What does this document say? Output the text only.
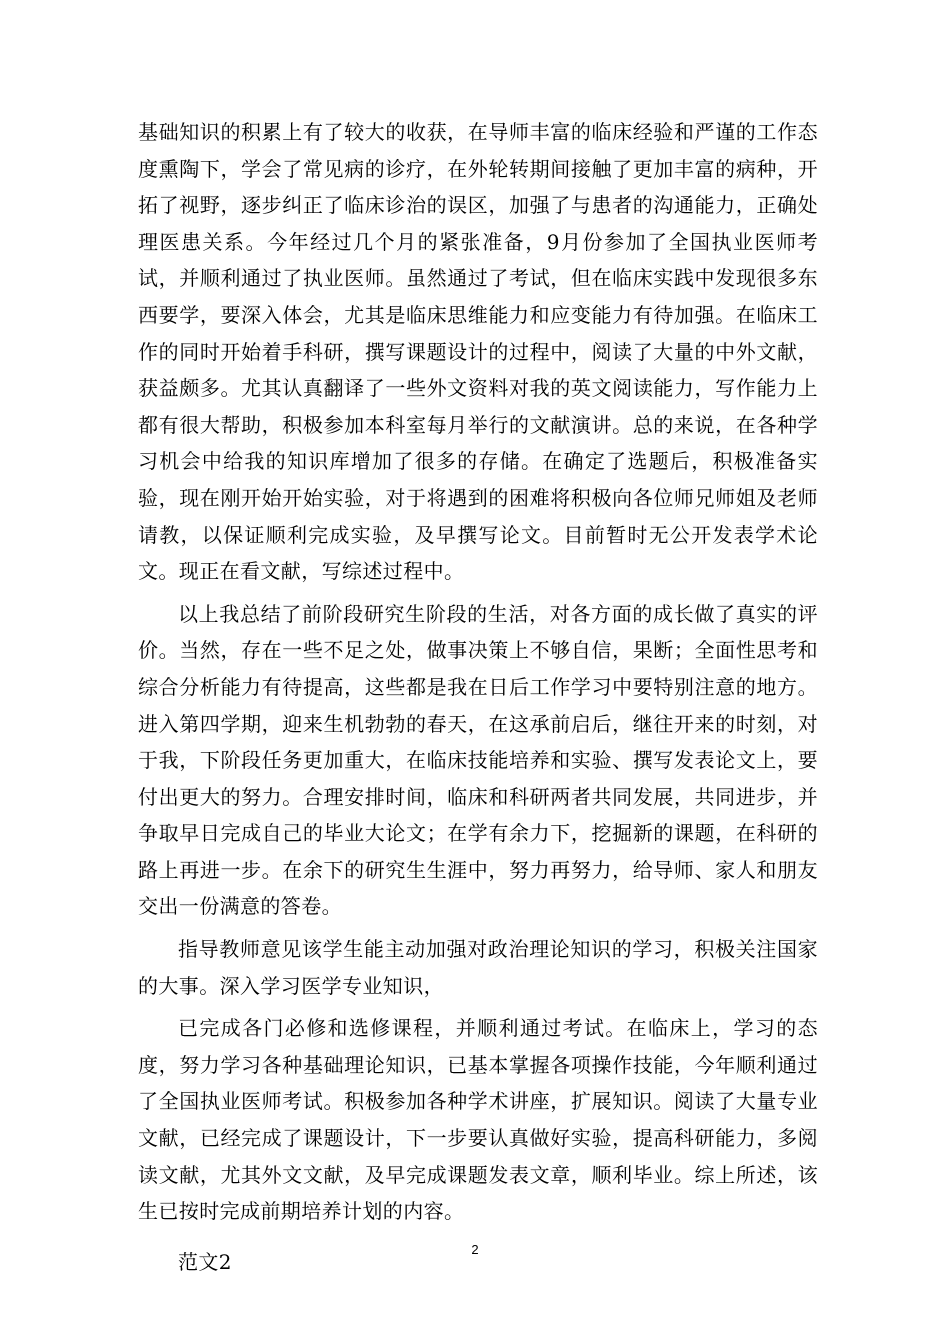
基础知识的积累上有了较大的收获，在导师丰富的临床经验和严谨的工作态度熏陶下，学会了常见病的诊疗，在外轮转期间接触了更加丰富的病种，开拓了视野，逐步纠正了临床诊治的误区，加强了与患者的沟通能力，正确处理医患关系。今年经过几个月的紧张准备，9月份参加了全国执业医师考试，并顺利通过了执业医师。虽然通过了考试，但在临床实践中发现很多东西要学，要深入体会，尤其是临床思维能力和应变能力有待加强。在临床工作的同时开始着手科研，撰写课题设计的过程中，阅读了大量的中外文献，获益颇多。尤其认真翻译了一些外文资料对我的英文阅读能力，写作能力上都有很大帮助，积极参加本科室每月举行的文献演讲。总的来说，在各种学习机会中给我的知识库增加了很多的存储。在确定了选题后，积极准备实验，现在刚开始开始实验，对于将遇到的困难将积极向各位师兄师姐及老师请教，以保证顺利完成实验，及早撰写论文。目前暂时无公开发表学术论文。现正在看文献，写综述过程中。

以上我总结了前阶段研究生阶段的生活，对各方面的成长做了真实的评价。当然，存在一些不足之处，做事决策上不够自信，果断；全面性思考和综合分析能力有待提高，这些都是我在日后工作学习中要特别注意的地方。进入第四学期，迎来生机勃勃的春天，在这承前启后，继往开来的时刻，对于我，下阶段任务更加重大，在临床技能培养和实验、撰写发表论文上，要付出更大的努力。合理安排时间，临床和科研两者共同发展，共同进步，并争取早日完成自己的毕业大论文；在学有余力下，挖掘新的课题，在科研的路上再进一步。在余下的研究生生涯中，努力再努力，给导师、家人和朋友交出一份满意的答卷。

指导教师意见该学生能主动加强对政治理论知识的学习，积极关注国家的大事。深入学习医学专业知识，

已完成各门必修和选修课程，并顺利通过考试。在临床上，学习的态度，努力学习各种基础理论知识，已基本掌握各项操作技能，今年顺利通过了全国执业医师考试。积极参加各种学术讲座，扩展知识。阅读了大量专业文献，已经完成了课题设计，下一步要认真做好实验，提高科研能力，多阅读文献，尤其外文文献，及早完成课题发表文章，顺利毕业。综上所述，该生已按时完成前期培养计划的内容。

范文2

2
